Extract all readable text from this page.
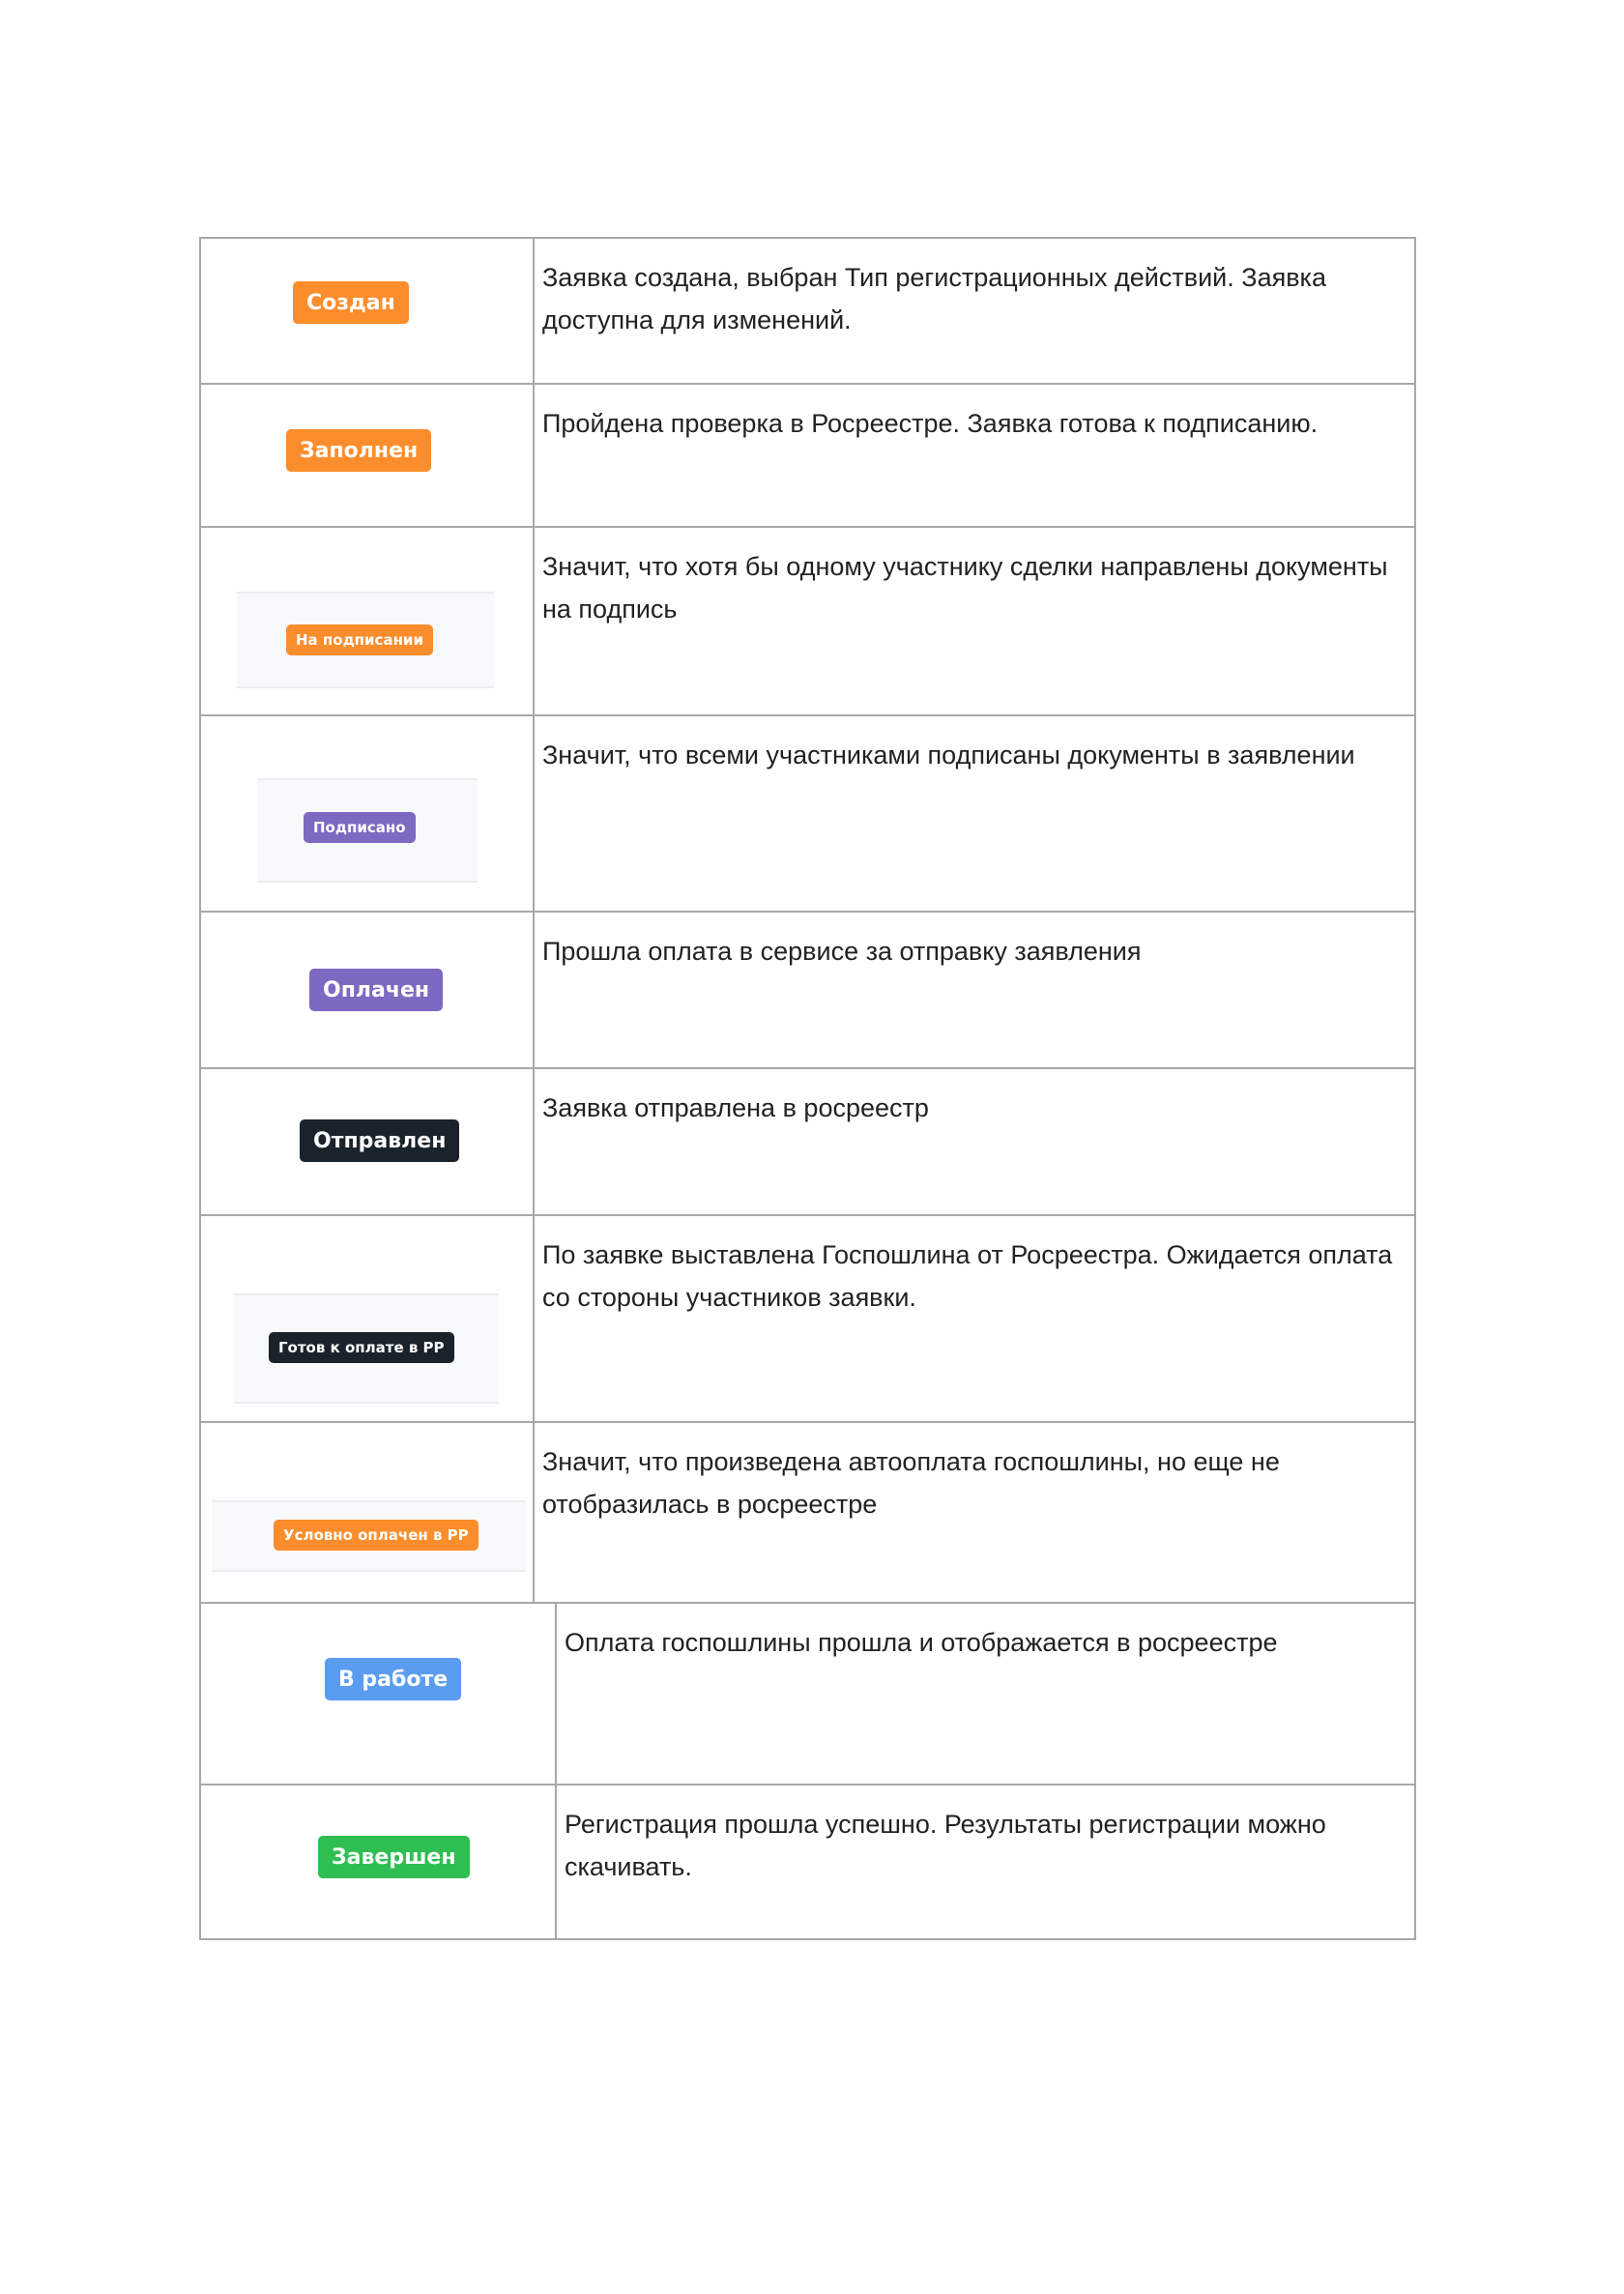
Создан
Заявка создана, выбран Тип регистрационных действий. Заявка доступна для изменений.
Заполнен
Пройдена проверка в Росреестре. Заявка готова к подписанию.
На подписании
Значит, что хотя бы одному участнику сделки направлены документы на подпись
Подписано
Значит, что всеми участниками подписаны документы в заявлении
Оплачен
Прошла оплата в сервисе за отправку заявления
Отправлен
Заявка отправлена в росреестр
Готов к оплате в РР
По заявке выставлена Госпошлина от Росреестра. Ожидается оплата со стороны участников заявки.
Условно оплачен в РР
Значит, что произведена автооплата госпошлины, но еще не отобразилась в росреестре
В работе
Оплата госпошлины прошла и отображается в росреестре
Завершен
Регистрация прошла успешно. Результаты регистрации можно скачивать.
